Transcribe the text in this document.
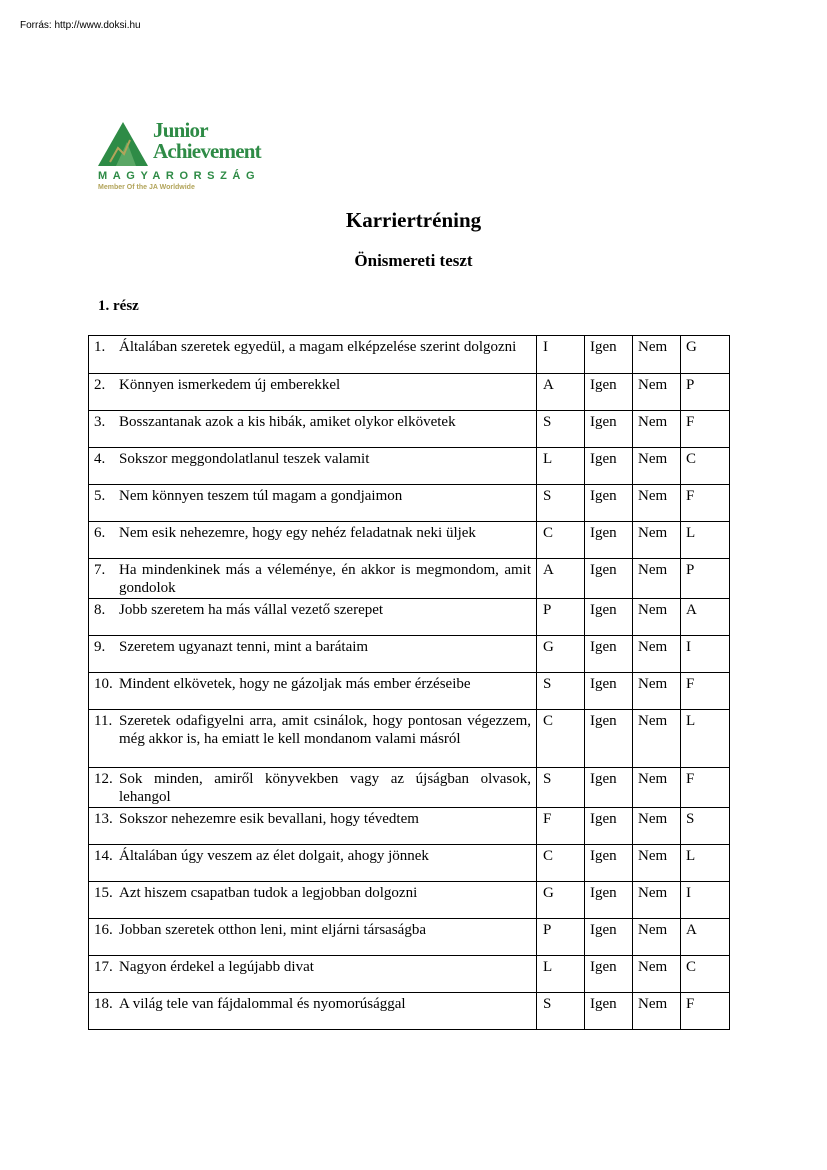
Forrás: http://www.doksi.hu
Junior
Achievement
MAGYARORSZÁG
Member Of the JA Worldwide
Karriertréning
Önismereti teszt
1. rész
1. Általában szeretek egyedül, a magam elképzelése szerint dolgozni	I	Igen	Nem	G
2. Könnyen ismerkedem új emberekkel	A	Igen	Nem	P
3. Bosszantanak azok a kis hibák, amiket olykor elkövetek	S	Igen	Nem	F
4. Sokszor meggondolatlanul teszek valamit	L	Igen	Nem	C
5. Nem könnyen teszem túl magam a gondjaimon	S	Igen	Nem	F
6. Nem esik nehezemre, hogy egy nehéz feladatnak neki üljek	C	Igen	Nem	L
7. Ha mindenkinek más a véleménye, én akkor is megmondom, amit gondolok	A	Igen	Nem	P
8. Jobb szeretem ha más vállal vezető szerepet	P	Igen	Nem	A
9. Szeretem ugyanazt tenni, mint a barátaim	G	Igen	Nem	I
10. Mindent elkövetek, hogy ne gázoljak más ember érzéseibe	S	Igen	Nem	F
11. Szeretek odafigyelni arra, amit csinálok, hogy pontosan végezzem, még akkor is, ha emiatt le kell mondanom valami másról	C	Igen	Nem	L
12. Sok minden, amiről könyvekben vagy az újságban olvasok, lehangol	S	Igen	Nem	F
13. Sokszor nehezemre esik bevallani, hogy tévedtem	F	Igen	Nem	S
14. Általában úgy veszem az élet dolgait, ahogy jönnek	C	Igen	Nem	L
15. Azt hiszem csapatban tudok a legjobban dolgozni	G	Igen	Nem	I
16. Jobban szeretek otthon leni, mint eljárni társaságba	P	Igen	Nem	A
17. Nagyon érdekel a legújabb divat	L	Igen	Nem	C
18. A világ tele van fájdalommal és nyomorúsággal	S	Igen	Nem	F
